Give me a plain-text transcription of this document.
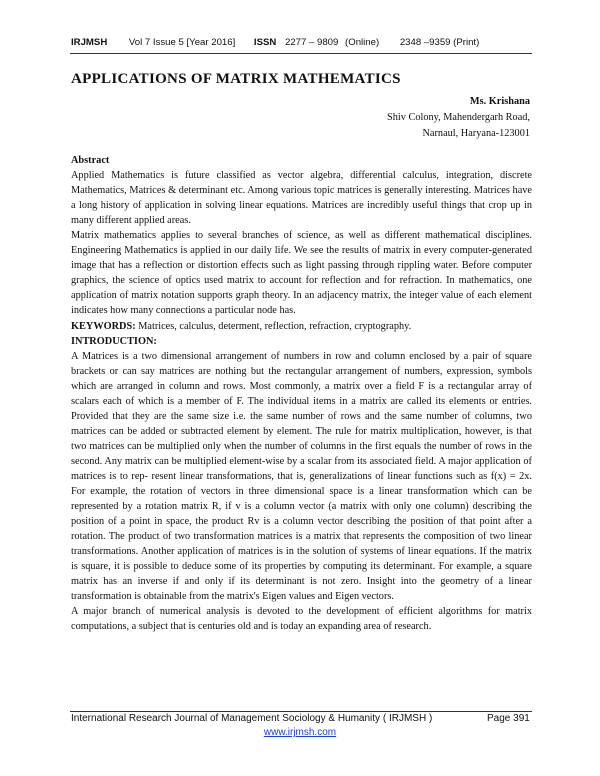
IRJMSH Vol 7 Issue 5 [Year 2016] ISSN 2277 – 9809 (Online) 2348 –9359 (Print)
APPLICATIONS OF MATRIX MATHEMATICS
Ms. Krishana
Shiv Colony, Mahendergarh Road,
Narnaul, Haryana-123001

Abstract

Applied Mathematics is future classified as vector algebra, differential calculus, integration, discrete Mathematics, Matrices & determinant etc. Among various topic matrices is generally interesting. Matrices have a long history of application in solving linear equations. Matrices are incredibly useful things that crop up in many different applied areas.

Matrix mathematics applies to several branches of science, as well as different mathematical disciplines. Engineering Mathematics is applied in our daily life. We see the results of matrix in every computer-generated image that has a reflection or distortion effects such as light passing through rippling water. Before computer graphics, the science of optics used matrix to account for reflection and for refraction. In mathematics, one application of matrix notation supports graph theory. In an adjacency matrix, the integer value of each element indicates how many connections a particular node has.

KEYWORDS: Matrices, calculus, determent, reflection, refraction, cryptography.

INTRODUCTION:

A Matrices is a two dimensional arrangement of numbers in row and column enclosed by a pair of square brackets or can say matrices are nothing but the rectangular arrangement of numbers, expression, symbols which are arranged in column and rows. Most commonly, a matrix over a field F is a rectangular array of scalars each of which is a member of F. The individual items in a matrix are called its elements or entries. Provided that they are the same size i.e. the same number of rows and the same number of columns, two matrices can be added or subtracted element by element. The rule for matrix multiplication, however, is that two matrices can be multiplied only when the number of columns in the first equals the number of rows in the second. Any matrix can be multiplied element-wise by a scalar from its associated field. A major application of matrices is to rep- resent linear transformations, that is, generalizations of linear functions such as f(x) = 2x. For example, the rotation of vectors in three dimensional space is a linear transformation which can be represented by a rotation matrix R, if v is a column vector (a matrix with only one column) describing the position of a point in space, the product Rv is a column vector describing the position of that point after a rotation. The product of two transformation matrices is a matrix that represents the composition of two linear transformations. Another application of matrices is in the solution of systems of linear equations. If the matrix is square, it is possible to deduce some of its properties by computing its determinant. For example, a square matrix has an inverse if and only if its determinant is not zero. Insight into the geometry of a linear transformation is obtainable from the matrix's Eigen values and Eigen vectors.

A major branch of numerical analysis is devoted to the development of efficient algorithms for matrix computations, a subject that is centuries old and is today an expanding area of research.

International Research Journal of Management Sociology & Humanity ( IRJMSH )	Page 391
www.irjmsh.com
